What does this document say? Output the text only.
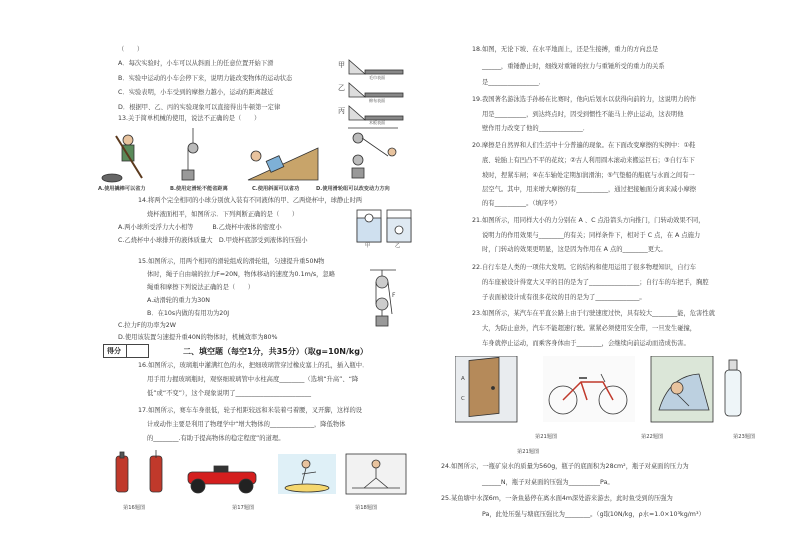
（　　）
A．每次实验时，小车可以从斜面上的任意位置开始下滑
B．实验中运动的小车会停下来，说明力能改变物体的运动状态
C．实验表明，小车受到的摩擦力越小，运动的距离越近
D．根据甲、乙、丙的实验现象可以直接得出牛顿第一定律
甲
乙
丙
毛巾表面
棉布表面
木板表面
13.关于简单机械的使用，说法不正确的是（　　）
A.使用撬棒可以省力	B.使用定滑轮不能省距离	C.使用斜面可以省功	D.使用滑轮组可以改变动力方向
14.将两个完全相同的小球分别放入装有不同液体的甲、乙两烧杯中，球静止时两
烧杯液面相平，如图所示．下列判断正确的是（　　）
A.两小球所受浮力大小相等　　　B.乙烧杯中液体的密度小
C.乙烧杯中小球排开的液体质量大　D.甲烧杯底部受到液体的压强小
甲	乙
15.如图所示，用两个相同的滑轮组成的滑轮组，匀速提升重50N物
体时，绳子自由端的拉力F=20N，物体移动的速度为0.1m/s，忽略
绳重和摩擦下列说法正确的是（　　）
A.动滑轮的重力为30N
B．在10s内做的有用功为20J
C.拉力F的功率为2W
D.使用该装置匀速提升重40N的物体时，机械效率为80%
F
得分	二、填空题（每空1分，共35分）（取g=10N/kg）
16.如图所示，玻璃瓶中灌满红色的水，把细玻璃管穿过橡皮塞上的孔，插入瓶中．
用手用力握玻璃瓶时，观察细玻璃管中水柱高度________（选填“升高”、“降
低”或“不变”），这个现象说明了________________________
17.如图所示，赛车车身很低，轮子相距较远和米装着弓着腰，叉开脚，这样的设
计或动作主要是利用了物理学中“增大物体的______________，降低物体
的________.有助于提高物体的稳定程度”的道理。
第16题图	第17题图	第18题图
18.如图，无论下坡、在水平地面上，还是生接搏，重力的方向总是
______，重锤静止时，细线对重锤的拉力与重锤所受的重力的关系
是________________．
19.我国著名游泳选手孙杨在比赛时，他向后划水以获得向前的力，这说明力的作
用是__________，到达终点时，因受到惯性不能马上停止运动，这表明他
壁作用力改变了他的______________．
20.摩擦是自然界和人们生活中十分普遍的现象。在下面改变摩擦的实例中：①鞋
底、轮胎上有凹凸不平的花纹；②古人利用圆木滚动来搬运巨石；③自行车下
坡时，捏紧车闸；④在车轴处定期加润滑油；⑤气垫船的船底与水面之间有一
层空气。其中，用来增大摩擦的有__________，通过把接触面分离来减小摩擦
的有__________。（填序号）
21.如图所示，用同样大小的力分别在 A 、C 点沿箭头方向推门，门转动效果不同，
说明力的作用效果与________的有关；同样条件下，相对于 C 点，在 A 点施力
时，门转动的效果更明显，这是因为作用在 A 点的________更大。
22.自行车是人类的一项伟大发明。它的结构和使用运用了很多物理知识，自行车
的车座被设计得宽大又平的目的是为了________________；自行车的车把手，胸腔
子表面被设计成有很多花纹的目的是为了______________。
23.如图所示，某汽车在平直公路上由于行驶速度过快，具有较大________能，危害性就
大，为防止意外，汽车不能超速行驶。紧紧必须使用安全带，一旦发生碰撞，
车身就停止运动，而乘客身体由于________，会继续向前运动而造成伤害。
A
C
第21题图	第22题图	第23题图
第21题图
24.如图所示，一瓶矿泉水的质量为560g，瓶子的底面积为28cm²，瓶子对桌面的压力为
______N，瓶子对桌面的压强为__________Pa。
25.某鱼塘中水深6m，一条鱼悬停在离水面4m深处游来游去，此时鱼受到的压强为
Pa，此处压强与塘底压强比为________。（g取10N/kg，ρ水=1.0×10³kg/m³）
